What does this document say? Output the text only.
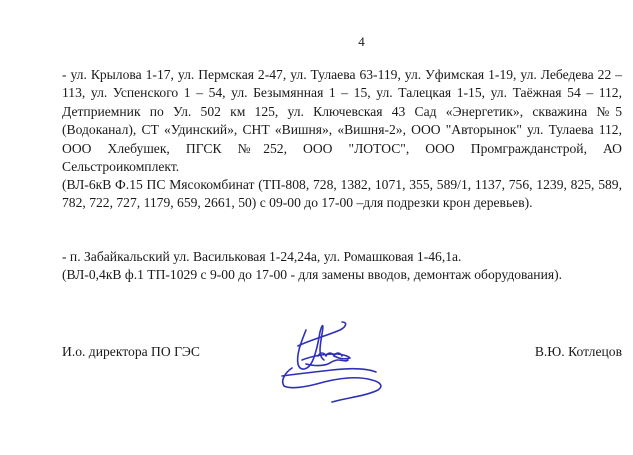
4

- ул. Крылова 1-17, ул. Пермская 2-47, ул. Тулаева 63-119, ул. Уфимская 1-19, ул. Лебедева 22 – 113, ул. Успенского 1 – 54, ул. Безымянная 1 – 15, ул. Талецкая 1-15, ул. Таёжная 54 – 112, Детприемник по Ул. 502 км 125, ул. Ключевская 43 Сад «Энергетик», скважина №5 (Водоканал), СТ «Удинский», СНТ «Вишня», «Вишня-2», ООО "Авторынок" ул. Тулаева 112, ООО Хлебушек, ПГСК №252, ООО "ЛОТОС", ООО Промгражданстрой, АО Сельстроикомплект.

(ВЛ-6кВ Ф.15 ПС Мясокомбинат (ТП-808, 728, 1382, 1071, 355, 589/1, 1137, 756, 1239, 825, 589, 782, 722, 727, 1179, 659, 2661, 50) с 09-00 до 17-00 –для подрезки крон деревьев).

- п. Забайкальский ул. Васильковая 1-24,24а, ул. Ромашковая 1-46,1а.

(ВЛ-0,4кВ ф.1 ТП-1029 с 9-00 до 17-00 - для замены вводов, демонтаж оборудования).

И.о. директора ПО ГЭС	В.Ю. Котлецов
